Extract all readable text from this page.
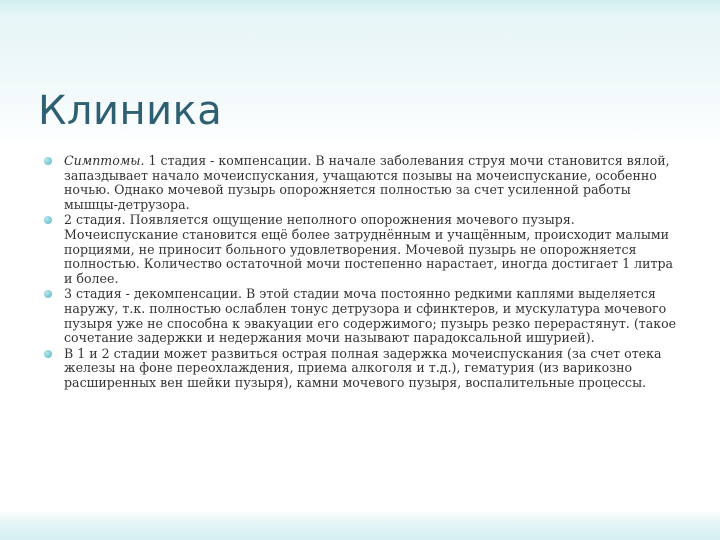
Клиника
Симптомы. 1 стадия - компенсации. В начале заболевания струя мочи становится вялой, запаздывает начало мочеиспускания, учащаются позывы на мочеиспускание, особенно ночью. Однако мочевой пузырь опорожняется полностью за счет усиленной работы мышцы-детрузора.
2 стадия. Появляется ощущение неполного опорожнения мочевого пузыря. Мочеиспускание становится ещё более затруднённым и учащённым, происходит малыми порциями, не приносит больного удовлетворения. Мочевой пузырь не опорожняется полностью. Количество остаточной мочи постепенно нарастает, иногда достигает 1 литра и более.
3 стадия - декомпенсации. В этой стадии моча постоянно редкими каплями выделяется наружу, т.к. полностью ослаблен тонус детрузора и сфинктеров, и мускулатура мочевого пузыря уже не способна к эвакуации его содержимого; пузырь резко перерастянут. (такое сочетание задержки и недержания мочи называют парадоксальной ишурией).
В 1 и 2 стадии может развиться острая полная задержка мочеиспускания (за счет отека железы на фоне переохлаждения, приема алкоголя и т.д.), гематурия (из варикозно расширенных вен шейки пузыря), камни мочевого пузыря, воспалительные процессы.
